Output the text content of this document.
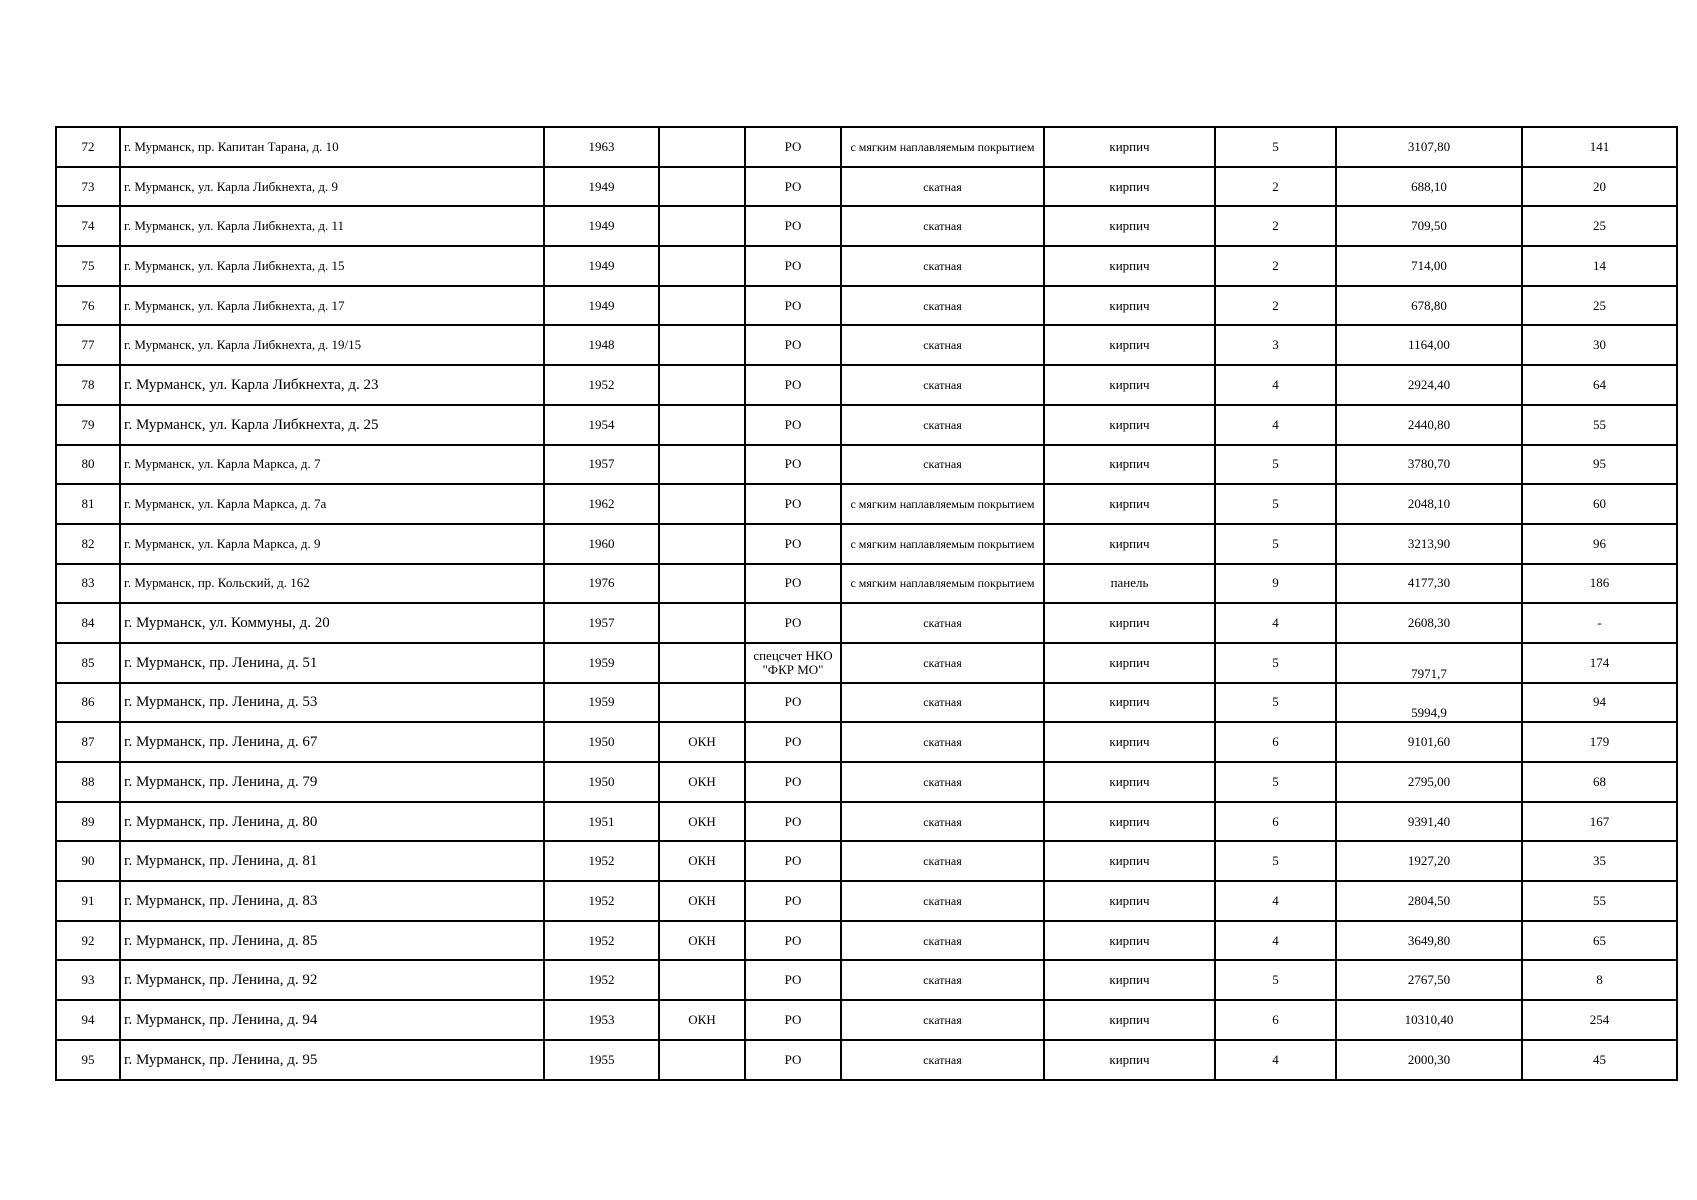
72	г. Мурманск, пр. Капитан Тарана, д. 10	1963		РО	с мягким наплавляемым покрытием	кирпич	5	3107,80	141
73	г. Мурманск, ул. Карла Либкнехта, д. 9	1949		РО	скатная	кирпич	2	688,10	20
74	г. Мурманск, ул. Карла Либкнехта, д. 11	1949		РО	скатная	кирпич	2	709,50	25
75	г. Мурманск, ул. Карла Либкнехта, д. 15	1949		РО	скатная	кирпич	2	714,00	14
76	г. Мурманск, ул. Карла Либкнехта, д. 17	1949		РО	скатная	кирпич	2	678,80	25
77	г. Мурманск, ул. Карла Либкнехта, д. 19/15	1948		РО	скатная	кирпич	3	1164,00	30
78	г. Мурманск, ул. Карла Либкнехта, д. 23	1952		РО	скатная	кирпич	4	2924,40	64
79	г. Мурманск, ул. Карла Либкнехта, д. 25	1954		РО	скатная	кирпич	4	2440,80	55
80	г. Мурманск, ул. Карла Маркса, д. 7	1957		РО	скатная	кирпич	5	3780,70	95
81	г. Мурманск, ул. Карла Маркса, д. 7а	1962		РО	с мягким наплавляемым покрытием	кирпич	5	2048,10	60
82	г. Мурманск, ул. Карла Маркса, д. 9	1960		РО	с мягким наплавляемым покрытием	кирпич	5	3213,90	96
83	г. Мурманск, пр. Кольский, д. 162	1976		РО	с мягким наплавляемым покрытием	панель	9	4177,30	186
84	г. Мурманск, ул. Коммуны, д. 20	1957		РО	скатная	кирпич	4	2608,30	-
85	г. Мурманск, пр. Ленина, д. 51	1959		спецсчет НКО "ФКР МО"	скатная	кирпич	5	7971,7	174
86	г. Мурманск, пр. Ленина, д. 53	1959		РО	скатная	кирпич	5	5994,9	94
87	г. Мурманск, пр. Ленина, д. 67	1950	ОКН	РО	скатная	кирпич	6	9101,60	179
88	г. Мурманск, пр. Ленина, д. 79	1950	ОКН	РО	скатная	кирпич	5	2795,00	68
89	г. Мурманск, пр. Ленина, д. 80	1951	ОКН	РО	скатная	кирпич	6	9391,40	167
90	г. Мурманск, пр. Ленина, д. 81	1952	ОКН	РО	скатная	кирпич	5	1927,20	35
91	г. Мурманск, пр. Ленина, д. 83	1952	ОКН	РО	скатная	кирпич	4	2804,50	55
92	г. Мурманск, пр. Ленина, д. 85	1952	ОКН	РО	скатная	кирпич	4	3649,80	65
93	г. Мурманск, пр. Ленина, д. 92	1952		РО	скатная	кирпич	5	2767,50	8
94	г. Мурманск, пр. Ленина, д. 94	1953	ОКН	РО	скатная	кирпич	6	10310,40	254
95	г. Мурманск, пр. Ленина, д. 95	1955		РО	скатная	кирпич	4	2000,30	45
